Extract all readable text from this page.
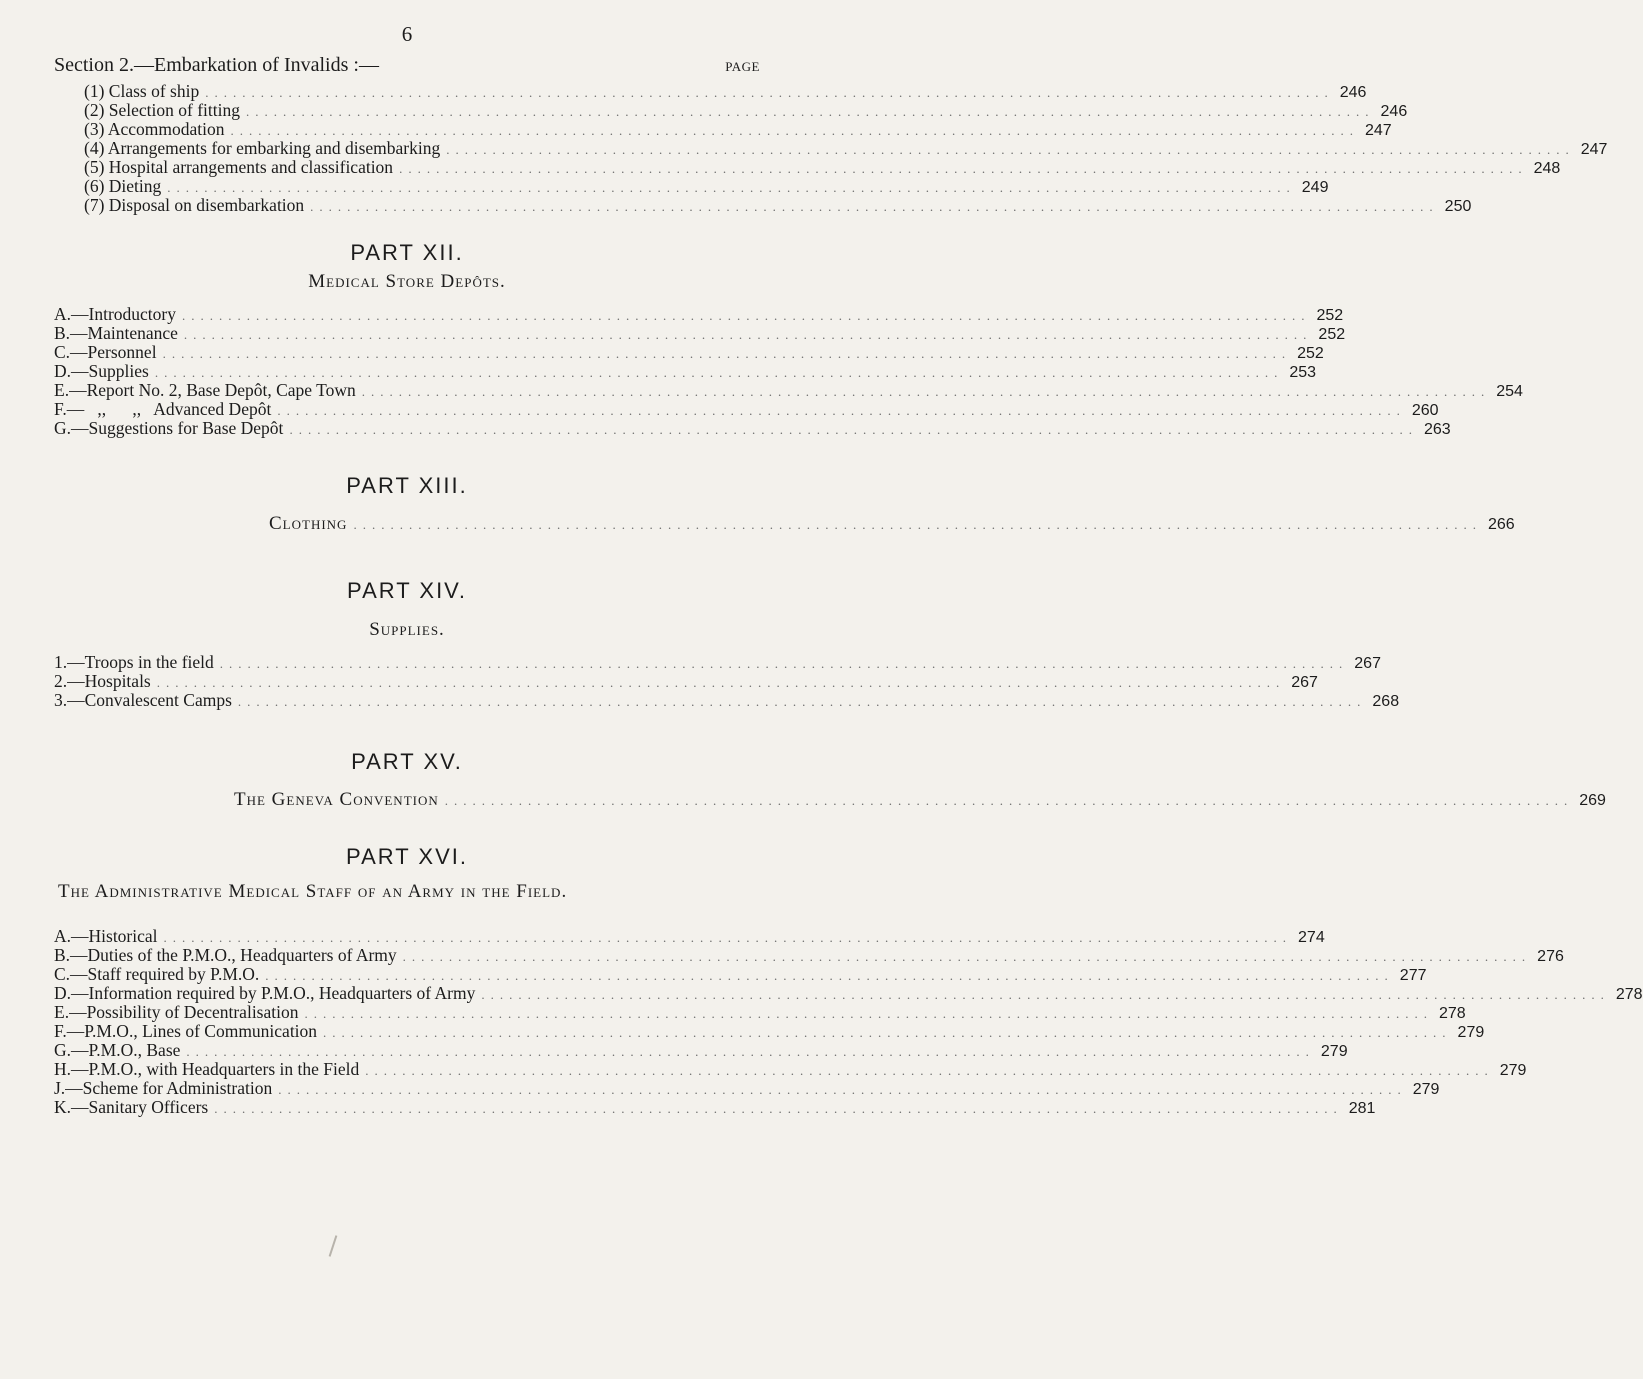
6
Section 2.—Embarkation of Invalids :—	PAGE
(1) Class of ship .......................................................................................................................... 246
(2) Selection of fitting .......................................................................................................................... 246
(3) Accommodation .......................................................................................................................... 247
(4) Arrangements for embarking and disembarking .......................................................................................................................... 247
(5) Hospital arrangements and classification .......................................................................................................................... 248
(6) Dieting .......................................................................................................................... 249
(7) Disposal on disembarkation .......................................................................................................................... 250
PART XII.
Medical Store Depôts.
A.—Introductory .......................................................................................................................... 252
B.—Maintenance .......................................................................................................................... 252
C.—Personnel .......................................................................................................................... 252
D.—Supplies .......................................................................................................................... 253
E.—Report No. 2, Base Depôt, Cape Town .......................................................................................................................... 254
F.—   ,,      ,,   Advanced Depôt .......................................................................................................................... 260
G.—Suggestions for Base Depôt .......................................................................................................................... 263
PART XIII.
Clothing .......................................................................................................................... 266
PART XIV.
Supplies.
1.—Troops in the field .......................................................................................................................... 267
2.—Hospitals .......................................................................................................................... 267
3.—Convalescent Camps .......................................................................................................................... 268
PART XV.
The Geneva Convention .......................................................................................................................... 269
PART XVI.
The Administrative Medical Staff of an Army in the Field.
A.—Historical .......................................................................................................................... 274
B.—Duties of the P.M.O., Headquarters of Army .......................................................................................................................... 276
C.—Staff required by P.M.O. .......................................................................................................................... 277
D.—Information required by P.M.O., Headquarters of Army .......................................................................................................................... 278
E.—Possibility of Decentralisation .......................................................................................................................... 278
F.—P.M.O., Lines of Communication .......................................................................................................................... 279
G.—P.M.O., Base .......................................................................................................................... 279
H.—P.M.O., with Headquarters in the Field .......................................................................................................................... 279
J.—Scheme for Administration .......................................................................................................................... 279
K.—Sanitary Officers .......................................................................................................................... 281
